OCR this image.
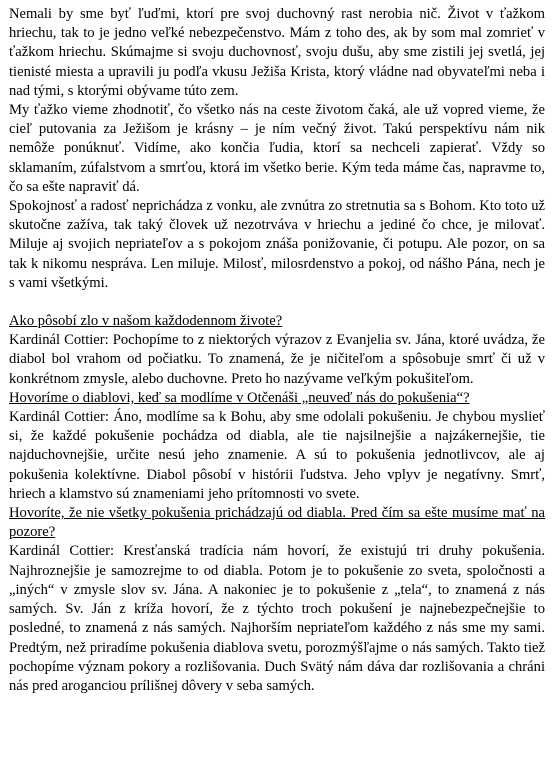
Nemali by sme byť ľuďmi, ktorí pre svoj duchovný rast nerobia nič. Život v ťažkom hriechu, tak to je jedno veľké nebezpečenstvo. Mám z toho des, ak by som mal zomrieť v ťažkom hriechu. Skúmajme si svoju duchovnosť, svoju dušu, aby sme zistili jej svetlá, jej tienisté miesta a upravili ju podľa vkusu Ježiša Krista, ktorý vládne nad obyvateľmi neba i nad tými, s ktorými obývame túto zem.

My ťažko vieme zhodnotiť, čo všetko nás na ceste životom čaká, ale už vopred vieme, že cieľ putovania za Ježišom je krásny – je ním večný život. Takú perspektívu nám nik nemôže ponúknuť. Vidíme, ako končia ľudia, ktorí sa nechceli zapierať. Vždy so sklamaním, zúfalstvom a smrťou, ktorá im všetko berie. Kým teda máme čas, napravme to, čo sa ešte napraviť dá.

Spokojnosť a radosť neprichádza z vonku, ale zvnútra zo stretnutia sa s Bohom. Kto toto už skutočne zažíva, tak taký človek už nezotrváva v hriechu a jediné čo chce, je milovať. Miluje aj svojich nepriateľov a s pokojom znáša ponižovanie, či potupu. Ale pozor, on sa tak k nikomu nespráva. Len miluje. Milosť, milosrdenstvo a pokoj, od nášho Pána, nech je s vami všetkými.

Ako pôsobí zlo v našom každodennom živote?

Kardinál Cottier: Pochopíme to z niektorých výrazov z Evanjelia sv. Jána, ktoré uvádza, že diabol bol vrahom od počiatku. To znamená, že je ničiteľom a spôsobuje smrť či už v konkrétnom zmysle, alebo duchovne. Preto ho nazývame veľkým pokušiteľom.

Hovoríme o diablovi, keď sa modlíme v Otčenáši „neuveď nás do pokušenia“?

Kardinál Cottier: Áno, modlíme sa k Bohu, aby sme odolali pokušeniu. Je chybou myslieť si, že každé pokušenie pochádza od diabla, ale tie najsilnejšie a najzákernejšie, tie najduchovnejšie, určite nesú jeho znamenie. A sú to pokušenia jednotlivcov, ale aj pokušenia kolektívne. Diabol pôsobí v histórii ľudstva. Jeho vplyv je negatívny. Smrť, hriech a klamstvo sú znameniami jeho prítomnosti vo svete.

Hovoríte, že nie všetky pokušenia prichádzajú od diabla. Pred čím sa ešte musíme mať na pozore?

Kardinál Cottier: Kresťanská tradícia nám hovorí, že existujú tri druhy pokušenia. Najhroznejšie je samozrejme to od diabla. Potom je to pokušenie zo sveta, spoločnosti a „iných“ v zmysle slov sv. Jána. A nakoniec je to pokušenie z „tela“, to znamená z nás samých. Sv. Ján z kríža hovorí, že z týchto troch pokušení je najnebezpečnejšie to posledné, to znamená z nás samých. Najhorším nepriateľom každého z nás sme my sami. Predtým, než priradíme pokušenia diablova svetu, porozmýšľajme o nás samých. Takto tiež pochopíme význam pokory a rozlišovania. Duch Svätý nám dáva dar rozlišovania a chráni nás pred aroganciou prílišnej dôvery v seba samých.
